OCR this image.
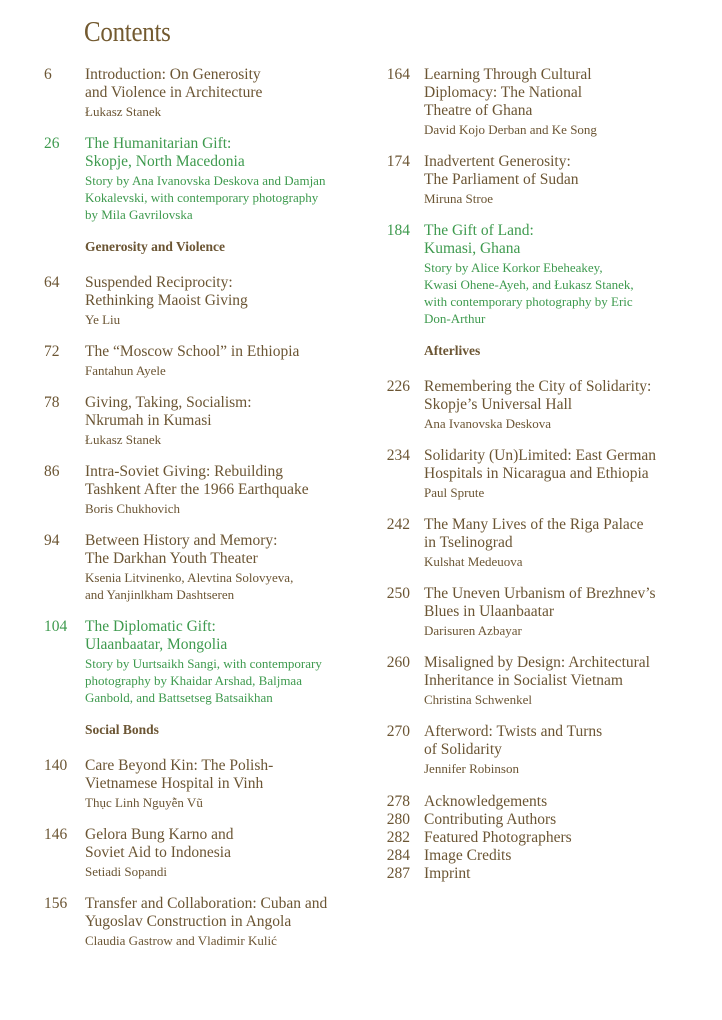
Contents
6	Introduction: On Generosity
and Violence in Architecture
Łukasz Stanek
26 The Humanitarian Gift:
Skopje, North Macedonia
Story by Ana Ivanovska Deskova and Damjan
Kokalevski, with contemporary photography
by Mila Gavrilovska
Generosity and Violence
64 Suspended Reciprocity:
Rethinking Maoist Giving
Ye Liu
72 The “Moscow School” in Ethiopia
Fantahun Ayele
78 Giving, Taking, Socialism:
Nkrumah in Kumasi
Łukasz Stanek
86 Intra-Soviet Giving: Rebuilding
Tashkent After the 1966 Earthquake
Boris Chukhovich
94 Between History and Memory:
The Darkhan Youth Theater
Ksenia Litvinenko, Alevtina Solovyeva,
and Yanjinlkham Dashtseren
104 The Diplomatic Gift:
Ulaanbaatar, Mongolia
Story by Uurtsaikh Sangi, with contemporary
photography by Khaidar Arshad, Baljmaa
Ganbold, and Battsetseg Batsaikhan
Social Bonds
140 Care Beyond Kin: The Polish-
Vietnamese Hospital in Vinh
Thục Linh Nguyễn Vũ
146 Gelora Bung Karno and
Soviet Aid to Indonesia
Setiadi Sopandi
156 Transfer and Collaboration: Cuban and
Yugoslav Construction in Angola
Claudia Gastrow and Vladimir Kulić
164 Learning Through Cultural
Diplomacy: The National
Theatre of Ghana
David Kojo Derban and Ke Song
174 Inadvertent Generosity:
The Parliament of Sudan
Miruna Stroe
184 The Gift of Land:
Kumasi, Ghana
Story by Alice Korkor Ebeheakey,
Kwasi Ohene-Ayeh, and Łukasz Stanek,
with contemporary photography by Eric
Don-Arthur
Afterlives
226 Remembering the City of Solidarity:
Skopje’s Universal Hall
Ana Ivanovska Deskova
234 Solidarity (Un)Limited: East German
Hospitals in Nicaragua and Ethiopia
Paul Sprute
242 The Many Lives of the Riga Palace
in Tselinograd
Kulshat Medeuova
250 The Uneven Urbanism of Brezhnev’s
Blues in Ulaanbaatar
Darisuren Azbayar
260 Misaligned by Design: Architectural
Inheritance in Socialist Vietnam
Christina Schwenkel
270 Afterword: Twists and Turns
of Solidarity
Jennifer Robinson
278 Acknowledgements
280 Contributing Authors
282 Featured Photographers
284 Image Credits
287 Imprint
